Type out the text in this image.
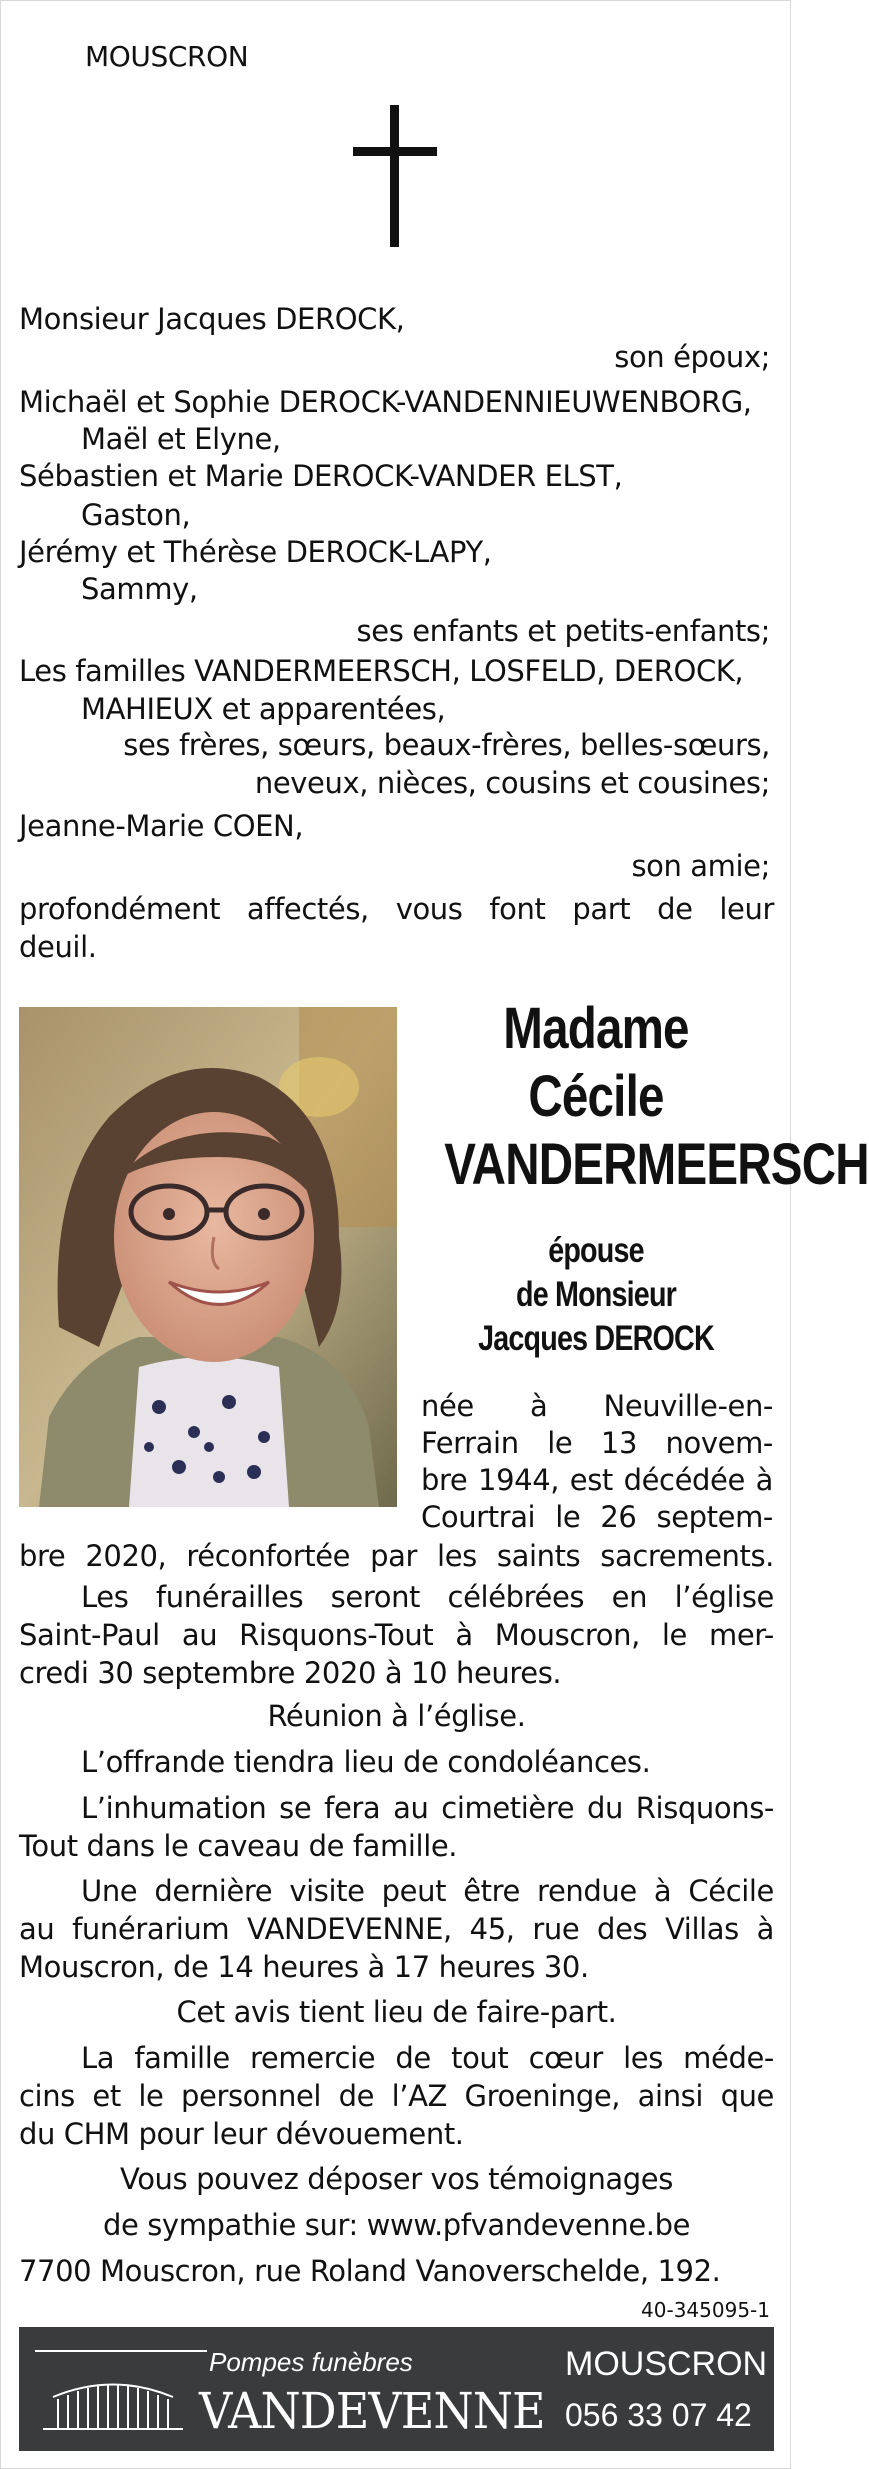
MOUSCRON
Monsieur Jacques DEROCK,
son époux;
Michaël et Sophie DEROCK-VANDENNIEUWENBORG,
Maël et Elyne,
Sébastien et Marie DEROCK-VANDER ELST,
Gaston,
Jérémy et Thérèse DEROCK-LAPY,
Sammy,
ses enfants et petits-enfants;
Les familles VANDERMEERSCH, LOSFELD, DEROCK,
MAHIEUX et apparentées,
ses frères, sœurs, beaux-frères, belles-sœurs,
neveux, nièces, cousins et cousines;
Jeanne-Marie COEN,
son amie;
profondément affectés, vous font part de leur
deuil.
Madame
Cécile
VANDERMEERSCH
épouse
de Monsieur
Jacques DEROCK
née à Neuville-en-
Ferrain le 13 novem-
bre 1944, est décédée à
Courtrai le 26 septem-
bre 2020, réconfortée par les saints sacrements.
Les funérailles seront célébrées en l’église
Saint-Paul au Risquons-Tout à Mouscron, le mer-
credi 30 septembre 2020 à 10 heures.
Réunion à l’église.
L’offrande tiendra lieu de condoléances.
L’inhumation se fera au cimetière du Risquons-
Tout dans le caveau de famille.
Une dernière visite peut être rendue à Cécile
au funérarium VANDEVENNE, 45, rue des Villas à
Mouscron, de 14 heures à 17 heures 30.
Cet avis tient lieu de faire-part.
La famille remercie de tout cœur les méde-
cins et le personnel de l’AZ Groeninge, ainsi que
du CHM pour leur dévouement.
Vous pouvez déposer vos témoignages
de sympathie sur: www.pfvandevenne.be
7700 Mouscron, rue Roland Vanoverschelde, 192.
40-345095-1
Pompes funèbres
VANDEVENNE
MOUSCRON
056 33 07 42
